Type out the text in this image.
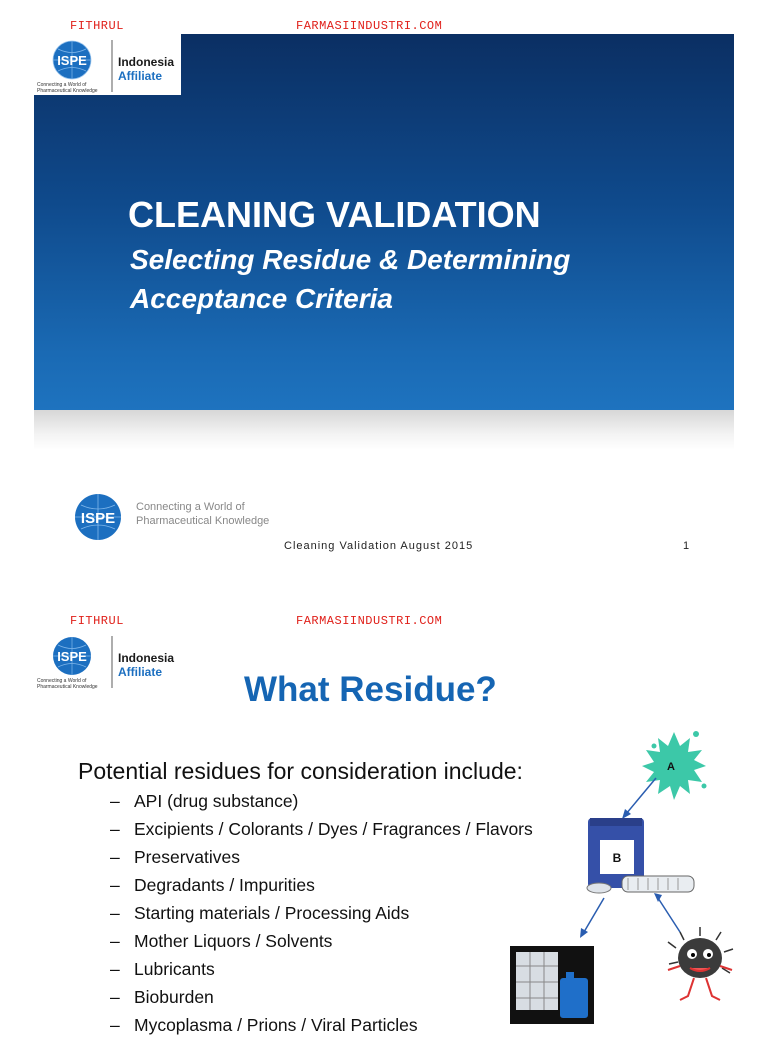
FITHRUL	FARMASIINDUSTRI.COM
ISPE
Connecting a World of
Pharmaceutical Knowledge
Indonesia
Affiliate
CLEANING VALIDATION
Selecting Residue & Determining Acceptance Criteria
ISPE
Connecting a World of
Pharmaceutical Knowledge
Cleaning Validation August 2015	1
FITHRUL	FARMASIINDUSTRI.COM
ISPE
Connecting a World of
Pharmaceutical Knowledge
Indonesia
Affiliate What Residue?
Potential residues for consideration include:
– API (drug substance)
– Excipients / Colorants / Dyes / Fragrances / Flavors
– Preservatives
– Degradants / Impurities
– Starting materials / Processing Aids
– Mother Liquors / Solvents
– Lubricants
– Bioburden
– Mycoplasma / Prions / Viral Particles
A
B
